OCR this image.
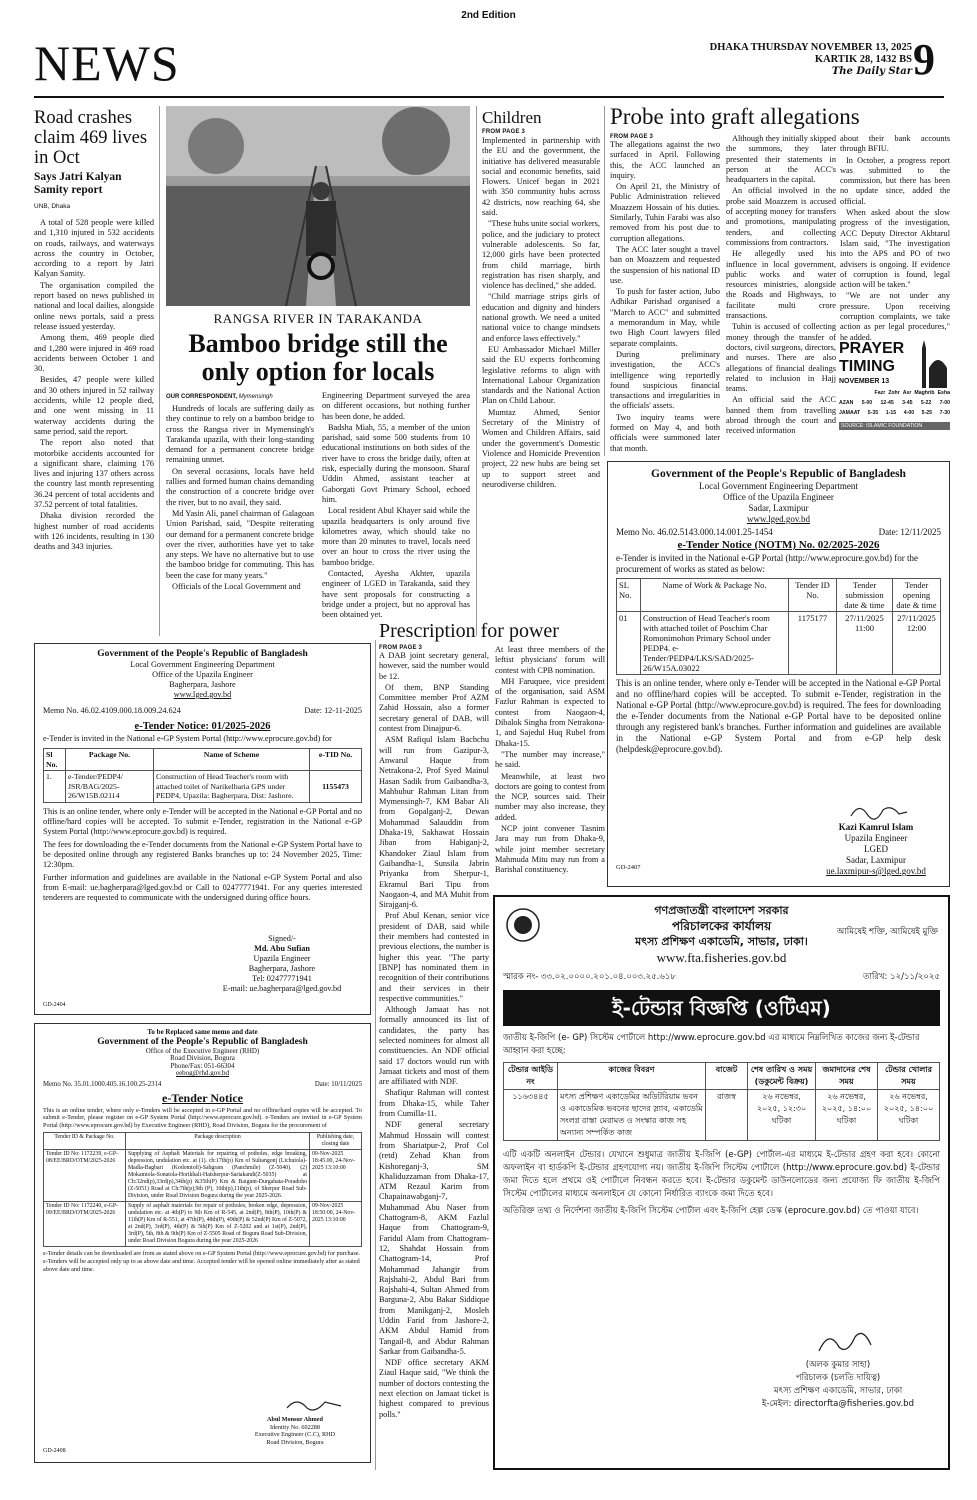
2nd Edition
NEWS	DHAKA THURSDAY NOVEMBER 13, 2025
KARTIK 28, 1432 BS
The Daily Star 9
Road crashes claim 469 lives in Oct
Says Jatri Kalyan Samity report
UNB, Dhaka

A total of 528 people were killed and 1,310 injured in 532 accidents on roads, railways, and waterways across the country in October, according to a report by Jatri Kalyan Samity.

The organisation compiled the report based on news published in national and local dailies, alongside online news portals, said a press release issued yesterday.

Among them, 469 people died and 1,280 were injured in 469 road accidents between October 1 and 30.

Besides, 47 people were killed and 30 others injured in 52 railway accidents, while 12 people died, and one went missing in 11 waterway accidents during the same period, said the report.

The report also noted that motorbike accidents accounted for a significant share, claiming 176 lives and injuring 137 others across the country last month representing 36.24 percent of total accidents and 37.52 percent of total fatalities.

Dhaka division recorded the highest number of road accidents with 126 incidents, resulting in 130 deaths and 343 injuries.

RANGSA RIVER IN TARAKANDA
Bamboo bridge still the only option for locals
OUR CORRESPONDENT, Mymensingh

Hundreds of locals are suffering daily as they continue to rely on a bamboo bridge to cross the Rangsa river in Mymensingh's Tarakanda upazila, with their long-standing demand for a permanent concrete bridge remaining unmet.

On several occasions, locals have held rallies and formed human chains demanding the construction of a concrete bridge over the river, but to no avail, they said.

Md Yasin Ali, panel chairman of Galagoan Union Parishad, said, "Despite reiterating our demand for a permanent concrete bridge over the river, authorities have yet to take any steps. We have no alternative but to use the bamboo bridge for commuting. This has been the case for many years."

Officials of the Local Government and

Engineering Department surveyed the area on different occasions, but nothing further has been done, he added.

Badsha Miah, 55, a member of the union parishad, said some 500 students from 10 educational institutions on both sides of the river have to cross the bridge daily, often at risk, especially during the monsoon. Sharaf Uddin Ahmed, assistant teacher at Gaborgati Govt Primary School, echoed him.

Local resident Abul Khayer said while the upazila headquarters is only around five kilometres away, which should take no more than 20 minutes to travel, locals need over an hour to cross the river using the bamboo bridge.

Contacted, Ayesha Akhter, upazila engineer of LGED in Tarakanda, said they have sent proposals for constructing a bridge under a project, but no approval has been obtained yet.

Children
FROM PAGE 3

Implemented in partnership with the EU and the government, the initiative has delivered measurable social and economic benefits, said Flowers. Unicef began in 2021 with 350 community hubs across 42 districts, now reaching 64, she said.

"These hubs unite social workers, police, and the judiciary to protect vulnerable adolescents. So far, 12,000 girls have been protected from child marriage, birth registration has risen sharply, and violence has declined," she added.

"Child marriage strips girls of education and dignity and hinders national growth. We need a united national voice to change mindsets and enforce laws effectively."

EU Ambassador Michael Miller said the EU expects forthcoming legislative reforms to align with International Labour Organization standards and the National Action Plan on Child Labour.

Mumtaz Ahmed, Senior Secretary of the Ministry of Women and Children Affairs, said under the government's Domestic Violence and Homicide Prevention project, 22 new hubs are being set up to support street and neurodiverse children.

Probe into graft allegations
FROM PAGE 3

The allegations against the two surfaced in April. Following this, the ACC launched an inquiry.

On April 21, the Ministry of Public Administration relieved Moazzem Hossain of his duties. Similarly, Tuhin Farabi was also removed from his post due to corruption allegations.

The ACC later sought a travel ban on Moazzem and requested the suspension of his national ID use.

To push for faster action, Jubo Adhikar Parishad organised a "March to ACC" and submitted a memorandum in May, while two High Court lawyers filed separate complaints.

During preliminary investigation, the ACC's intelligence wing reportedly found suspicious financial transactions and irregularities in the officials' assets.

Two inquiry teams were formed on May 4, and both officials were summoned later that month.

Although they initially skipped the summons, they later presented their statements in person at the ACC's headquarters in the capital.

An official involved in the probe said Moazzem is accused of accepting money for transfers and promotions, manipulating tenders, and collecting commissions from contractors.

He allegedly used his influence in local government, public works and water resources ministries, alongside the Roads and Highways, to facilitate multi crore transactions.

Tuhin is accused of collecting money through the transfer of doctors, civil surgeons, directors, and nurses. There are also allegations of financial dealings related to inclusion in Hajj teams.

An official said the ACC banned them from travelling abroad through the court and received information

about their bank accounts through BFIU.

In October, a progress report was submitted to the commission, but there has been no update since, added the official.

When asked about the slow progress of the investigation, ACC Deputy Director Akhtarul Islam said, "The investigation into the APS and PO of two advisers is ongoing. If evidence of corruption is found, legal action will be taken."

"We are not under any pressure. Upon receiving corruption complaints, we take action as per legal procedures," he added.

PRAYER
TIMING
NOVEMBER 13
Fazr Zohr Asr Maghrib Esha
AZAN 5-00 12-45 3-45 5-22 7-00
JAMAAT 5-35 1-15 4-00 5-25 7-30
SOURCE: ISLAMIC FOUNDATION
Government of the People's Republic of Bangladesh
Local Government Engineering Department
Office of the Upazila Engineer
Sadar, Laxmipur
www.lged.gov.bd
Memo No. 46.02.5143.000.14.001.25-1454	Date: 12/11/2025
e-Tender Notice (NOTM) No. 02/2025-2026
e-Tender is invited in the National e-GP Portal (http://www.eprocure.gov.bd) for the procurement of works as stated as below:
SL No.	Name of Work & Package No.	Tender ID No.	Tender submission date & time	Tender opening date & time
01	Construction of Head Teacher's room with attached toilet of Poschim Char Romonimohon Primary School under PEDP4. e-Tender/PEDP4/LKS/SAD/2025-26/W15A.03022	1175177	27/11/2025 11:00	27/11/2025 12:00
This is an online tender, where only e-Tender will be accepted in the National e-GP Portal and no offline/hard copies will be accepted. To submit e-Tender, registration in the National e-GP Portal (http://www.eprocure.gov.bd) is required. The fees for downloading the e-Tender documents from the National e-GP Portal have to be deposited online through any registered bank's branches. Further information and guidelines are available in the National e-GP System Portal and from e-GP help desk (helpdesk@eprocure.gov.bd).
Kazi Kamrul Islam
Upazila Engineer
LGED
Sadar, Laxmipur
ue.laxmipur-s@lged.gov.bd
GD-2407
Government of the People's Republic of Bangladesh
Local Government Engineering Department
Office of the Upazila Engineer
Bagherpara, Jashore
www.lged.gov.bd
Memo No. 46.02.4109.000.18.009.24.624	Date: 12-11-2025
e-Tender Notice: 01/2025-2026
e-Tender is invited in the National e-GP System Portal (http://www.eprocure.gov.bd) for
Sl No.	Package No.	Name of Scheme	e-TID No.
1.	e-Tender/PEDP4/ JSR/BAG/2025-26/W15B.02114	Construction of Head Teacher's room with attached toilet of Narikelbaria GPS under PEDP4, Upazila: Bagherpara, Dist: Jashore.	1155473
This is an online tender, where only e-Tender will be accepted in the National e-GP Portal and no offline/hard copies will be accepted. To submit e-Tender, registration in the National e-GP System Portal (http://www.eprocure.gov.bd) is required.
The fees for downloading the e-Tender documents from the National e-GP System Portal have to be deposited online through any registered Banks branches up to: 24 November 2025, Time: 12:30pm.
Further information and guidelines are available in the National e-GP System Portal and also from E-mail: ue.bagherpara@lged.gov.bd or Call to 02477771941. For any queries interested tenderers are requested to communicate with the undersigned during office hours.
Signed/-
Md. Abu Sufian
Upazila Engineer
Bagherpara, Jashore
Tel: 02477771941
E-mail: ue.bagherpara@lged.gov.bd
GD-2404
To be Replaced same memo and date
Government of the People's Republic of Bangladesh
Office of the Executive Engineer (RHD)
Road Division, Bogura
Phone/Fax: 051-66304
eebog@rhd.gov.bd
Memo No. 35.01.1000.405.16.100.25-2314	Date: 10/11/2025
e-Tender Notice
This is an online tender, where only e-Tenders will be accepted in e-GP Portal and no offline/hard copies will be accepted. To submit e-Tender, please register on e-GP System Portal (http://www.eprocure.gov.bd). e-Tenders are invited in e-GP System Portal (http://www.eprocure.gov.bd) by Executive Engineer (RHD), Road Division, Bogura for the procurement of
Tender ID & Package No.	Package description	Publishing date, closing date
Tender ID No: 1172239, e-GP-08/EE/BRD/OTM/2025-2026	Supplying of Asphalt Materials for repairing of potholes, edge breaking, depression, undulation etc. at (1). ch:17th(p) Km of Sultangonj (Lichutola)-Madla-Bagbari (Kodomtoli)-Sabgram (Panchmile) (Z-5040). (2) Mokamtola-Sonatola-Horikhali-Hatsherpur-Sariakandi(Z-5035) at Ch:32nd(p),33rd(p),34th(p) &35th(P) Km & Baigunt-Durgahata-Poradoho (Z-5051) Road at Ch:7th(p),9th (P), 10th(p),11th(p), of Sherpur Road Sub-Division, under Road Division Bogura during the year 2025-2026.	09-Nov-2025 18:45.00, 24-Nov-2025 13:10:00
Tender ID No: 1172240, e-GP-09/EE/BRD/OTM/2025-2026	Supply of asphalt materials for repair of potholes, broken edge, depression, undulation etc. at 4th(P) to 9th Km of R-545, at 2nd(P), 8th(P), 10th(P) & 11th(P) Km of R-551, at 47th(P), 48th(P), 49th(P) & 52nd(P) Km of Z-5072, at 2nd(P), 3rd(P), 4th(P) & 5th(P) Km of Z-5202 and at 1st(P), 2nd(P), 3rd(P), 5th, 8th & 9th(P) Km of Z-5505 Road of Bogura Road Sub-Division, under Road Division Bogura during the year 2025-2026	09-Nov-2025 18:50:00, 24-Nov-2025 13:10:00
e-Tender details can be downloaded are from as stated above on e-GP System Portal (http://www.eprocure.gov.bd) for purchase.
e-Tenders will be accepted only up to as above date and time. Accepted tender will be opened online immediately after as stated above date and time.
Abul Monsur Ahmed
Identity No. 602288
Executive Engineer (C.C), RHD
Road Division, Bogura
GD-2408
Prescription for power
FROM PAGE 3

A DAB joint secretary general, however, said the number would be 12.

Of them, BNP Standing Committee member Prof AZM Zahid Hossain, also a former secretary general of DAB, will contest from Dinajpur-6.

ASM Rafiqul Islam Bachchu will run from Gazipur-3, Anwarul Haque from Netrakona-2, Prof Syed Mainul Hasan Sadik from Gaibandha-3, Mahbubur Rahman Litan from Mymensingh-7, KM Babar Ali from Gopalganj-2, Dewan Mohammad Salauddin from Dhaka-19, Sakhawat Hossain Jiban from Habiganj-2, Khandoker Ziaul Islam from Gaibandha-1, Sunsila Jabrin Priyanka from Sherpur-1, Ekramul Bari Tipu from Naogaon-4, and MA Muhit from Sirajganj-6.

Prof Abul Kenan, senior vice president of DAB, said while their members had contested in previous elections, the number is higher this year. "The party [BNP] has nominated them in recognition of their contributions and their services in their respective communities."

Although Jamaat has not formally announced its list of candidates, the party has selected nominees for almost all constituencies. An NDF official said 17 doctors would run with Jamaat tickets and most of them are affiliated with NDF.

Shafiqur Rahman will contest from Dhaka-15, while Taher from Cumilla-11.

NDF general secretary Mahmud Hossain will contest from Shariatpur-2, Prof Col (retd) Zehad Khan from Kishoreganj-3, SM Khaliduzzaman from Dhaka-17, ATM Rezaul Karim from Chapainawabganj-7, Muhammad Abu Naser from Chattogram-8, AKM Fazlul Haque from Chattogram-9, Faridul Alam from Chattogram-12, Shahdat Hossain from Chattogram-14, Prof Mohammad Jahangir from Rajshahi-2, Abdul Bari from Rajshahi-4, Sultan Ahmed from Barguna-2, Abu Bakar Siddique from Manikganj-2, Mosleh Uddin Farid from Jashore-2, AKM Abdul Hamid from Tangail-8, and Abdur Rahman Sarkar from Gaibandha-5.

NDF office secretary AKM Ziaul Haque said, "We think the number of doctors contesting the next election on Jamaat ticket is highest compared to previous polls."

At least three members of the leftist physicians' forum will contest with CPB nomination.

MH Faruquee, vice president of the organisation, said ASM Fazlur Rahman is expected to contest from Naogaon-4, Dibalok Singha from Netrakona-1, and Sajedul Huq Rubel from Dhaka-15.

"The number may increase," he said.

Meanwhile, at least two doctors are going to contest from the NCP, sources said. Their number may also increase, they added.

NCP joint convener Tasnim Jara may run from Dhaka-9, while joint member secretary Mahmuda Mitu may run from a Barishal constituency.

গণপ্রজাতন্ত্রী বাংলাদেশ সরকার
পরিচালকের কার্যালয়
মৎস্য প্রশিক্ষণ একাডেমি, সাভার, ঢাকা।
www.fta.fisheries.gov.bd
আমিষেই শক্তি, আমিষেই মুক্তি
স্মারক নং- ৩৩.০২.০০০০.২০১.০৪.০০৩.২৫.৬১৮	তারিখ: ১২/১১/২০২৫
ই-টেন্ডার বিজ্ঞপ্তি (ওটিএম)
জাতীয় ই-জিপি (e- GP) সিস্টেম পোর্টালে http://www.eprocure.gov.bd এর মাধ্যমে নিম্নলিখিত কাজের জন্য ই-টেন্ডার আহ্বান করা হচ্ছে:
টেন্ডার আইডি নং	কাজের বিবরণ	বাজেট	শেষ তারিখ ও সময় (ডকুমেন্ট বিক্রয়)	জমাদানের শেষ সময়	টেন্ডার খোলার সময়
১১৬৩৪৪৫	মৎস্য প্রশিক্ষণ একাডেমির অডিটরিয়াম ভবন ও একাডেমিক ভবনের ছাদের স্ল্যাব, একাডেমি সংলগ্ন রাস্তা মেরামত ও সংস্কার কাজ সহ অন্যান্য সম্পর্কিত কাজ	রাজস্ব	২৬ নভেম্বর, ২০২৫, ১২:৩০ ঘটিকা	২৬ নভেম্বর, ২০২৫, ১৪:০০ ঘটিকা	২৬ নভেম্বর, ২০২৫, ১৪:০০ ঘটিকা
এটি একটি অনলাইন টেন্ডার। যেখানে শুধুমাত্র জাতীয় ই-জিপি (e-GP) পোর্টাল-এর মাধ্যমে ই-টেন্ডার গ্রহণ করা হবে। কোনো অফলাইন বা হার্ডকপি ই-টেন্ডার গ্রহণযোগ্য নয়। জাতীয় ই-জিপি সিস্টেম পোর্টালে (http://www.eprocure.gov.bd) ই-টেন্ডার জমা দিতে হলে প্রথমে ওই পোর্টালে নিবন্ধন করতে হবে। ই-টেন্ডার ডকুমেন্ট ডাউনলোডের জন্য প্রযোজ্য ফি জাতীয় ই-জিপি সিস্টেম পোর্টালের মাধ্যমে অনলাইনে যে কোনো নির্ধারিত ব্যাংকে জমা দিতে হবে।
অতিরিক্ত তথ্য ও নির্দেশনা জাতীয় ই-জিপি সিস্টেম পোর্টাল এবং ই-জিপি হেল্প ডেস্ক (eprocure.gov.bd) তে পাওয়া যাবে।
(অলক কুমার সাহা)
পরিচালক (চলতি দায়িত্ব)
মৎস্য প্রশিক্ষণ একাডেমি, সাভার, ঢাকা
ই-মেইল: directorfta@fisheries.gov.bd
